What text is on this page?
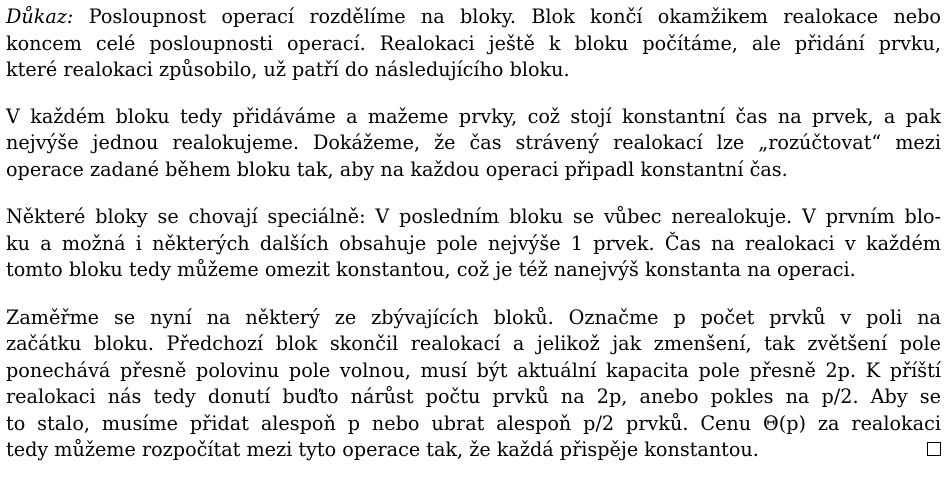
Důkaz: Posloupnost operací rozdělíme na bloky. Blok končí okamžikem realokace nebo
koncem celé posloupnosti operací. Realokaci ještě k bloku počítáme, ale přidání prvku,
které realokaci způsobilo, už patří do následujícího bloku.

V každém bloku tedy přidáváme a mažeme prvky, což stojí konstantní čas na prvek, a pak
nejvýše jednou realokujeme. Dokážeme, že čas strávený realokací lze „rozúčtovat“ mezi
operace zadané během bloku tak, aby na každou operaci připadl konstantní čas.

Některé bloky se chovají speciálně: V posledním bloku se vůbec nerealokuje. V prvním blo-
ku a možná i některých dalších obsahuje pole nejvýše 1 prvek. Čas na realokaci v každém
tomto bloku tedy můžeme omezit konstantou, což je též nanejvýš konstanta na operaci.

Zaměřme se nyní na některý ze zbývajících bloků. Označme p počet prvků v poli na
začátku bloku. Předchozí blok skončil realokací a jelikož jak zmenšení, tak zvětšení pole
ponechává přesně polovinu pole volnou, musí být aktuální kapacita pole přesně 2p. K příští
realokaci nás tedy donutí buďto nárůst počtu prvků na 2p, anebo pokles na p/2. Aby se
to stalo, musíme přidat alespoň p nebo ubrat alespoň p/2 prvků. Cenu Θ(p) za realokaci
tedy můžeme rozpočítat mezi tyto operace tak, že každá přispěje konstantou.
